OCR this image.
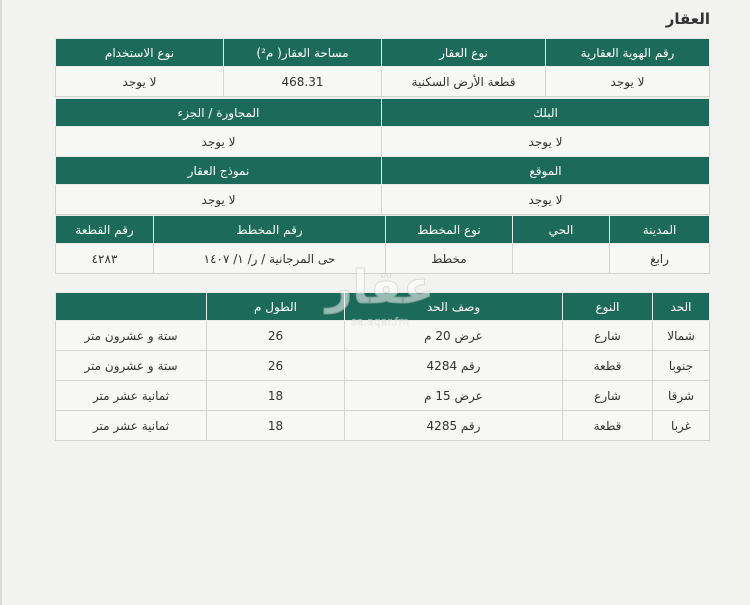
العقار
رقم الهوية العقارية	نوع العقار	مساحة العقار( م²)	نوع الاستخدام
لا يوجد	قطعة الأرض السكنية	468.31	لا يوجد
البلك	المجاورة / الجزء
لا يوجد	لا يوجد
الموقع	نموذج العقار
لا يوجد	لا يوجد
المدينة	الحي	نوع المخطط	رقم المخطط	رقم القطعة
رابغ		مخطط	حى المرجانية / ر/ ١/ ١٤٠٧	٤٢٨٣
الحد	النوع	وصف الحد	الطول م	
شمالا	شارع	عرض 20 م	26	ستة و عشرون متر
جنوبا	قطعة	رقم 4284	26	ستة و عشرون متر
شرقا	شارع	عرض 15 م	18	ثمانية عشر متر
غربا	قطعة	رقم 4285	18	ثمانية عشر متر
عقار
sa.aqar.fm
